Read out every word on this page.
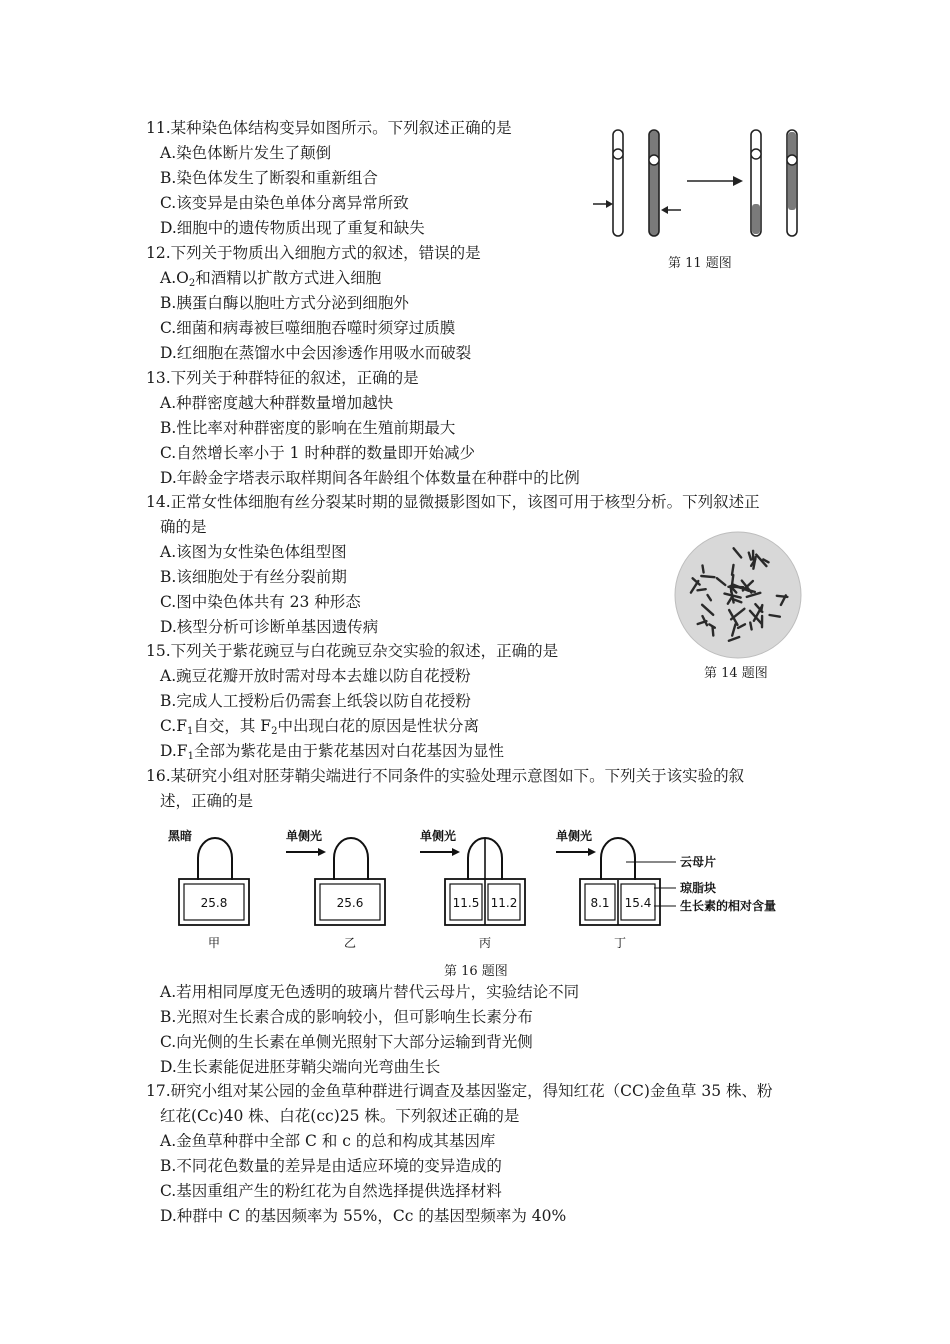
11.某种染色体结构变异如图所示。下列叙述正确的是
A.染色体断片发生了颠倒
B.染色体发生了断裂和重新组合
C.该变异是由染色单体分离异常所致
D.细胞中的遗传物质出现了重复和缺失
第 11 题图
12.下列关于物质出入细胞方式的叙述，错误的是
$A.O_2$和酒精以扩散方式进入细胞
B.胰蛋白酶以胞吐方式分泌到细胞外
C.细菌和病毒被巨噬细胞吞噬时须穿过质膜
D.红细胞在蒸馏水中会因渗透作用吸水而破裂
13.下列关于种群特征的叙述，正确的是
A.种群密度越大种群数量增加越快
B.性比率对种群密度的影响在生殖前期最大
C.自然增长率小于 1 时种群的数量即开始减少
D.年龄金字塔表示取样期间各年龄组个体数量在种群中的比例
14.正常女性体细胞有丝分裂某时期的显微摄影图如下，该图可用于核型分析。下列叙述正
确的是
A.该图为女性染色体组型图
B.该细胞处于有丝分裂前期
C.图中染色体共有 23 种形态
D.核型分析可诊断单基因遗传病
第 14 题图
15.下列关于紫花豌豆与白花豌豆杂交实验的叙述，正确的是
A.豌豆花瓣开放时需对母本去雄以防自花授粉
B.完成人工授粉后仍需套上纸袋以防自花授粉
$C.F_1$自交，其 $F_2$中出现白花的原因是性状分离
$D.F_1$全部为紫花是由于紫花基因对白花基因为显性
16.某研究小组对胚芽鞘尖端进行不同条件的实验处理示意图如下。下列关于该实验的叙
述，正确的是
黑暗
25.8
甲
单侧光
25.6
乙
单侧光
11.5 11.2
丙
单侧光
8.1 15.4
丁
云母片
琼脂块
生长素的相对含量
第 16 题图
A.若用相同厚度无色透明的玻璃片替代云母片，实验结论不同
B.光照对生长素合成的影响较小，但可影响生长素分布
C.向光侧的生长素在单侧光照射下大部分运输到背光侧
D.生长素能促进胚芽鞘尖端向光弯曲生长
17.研究小组对某公园的金鱼草种群进行调查及基因鉴定，得知红花（CC)金鱼草 35 株、粉
红花(Cc)40 株、白花(cc)25 株。下列叙述正确的是
A.金鱼草种群中全部 C 和 c 的总和构成其基因库
B.不同花色数量的差异是由适应环境的变异造成的
C.基因重组产生的粉红花为自然选择提供选择材料
D.种群中 C 的基因频率为 55%，Cc 的基因型频率为 40%
